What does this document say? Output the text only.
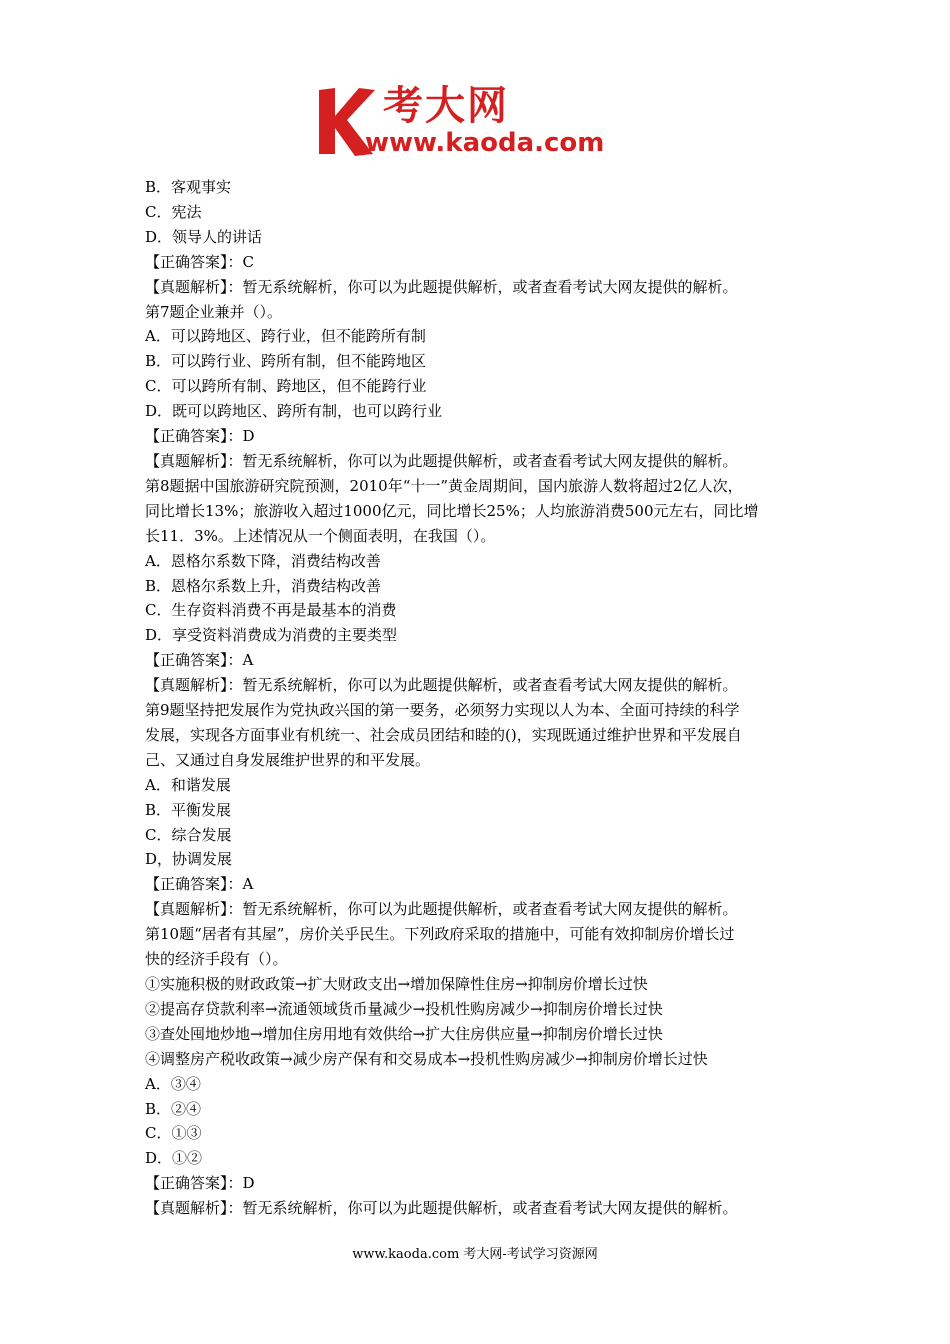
考大网
www.kaoda.com
B．客观事实
C．宪法
D．领导人的讲话
【正确答案】：C
【真题解析】：暂无系统解析，你可以为此题提供解析，或者查看考试大网友提供的解析。
第7题企业兼并（）。
A．可以跨地区、跨行业，但不能跨所有制
B．可以跨行业、跨所有制，但不能跨地区
C．可以跨所有制、跨地区，但不能跨行业
D．既可以跨地区、跨所有制，也可以跨行业
【正确答案】：D
【真题解析】：暂无系统解析，你可以为此题提供解析，或者查看考试大网友提供的解析。
第8题据中国旅游研究院预测，2010年“十一”黄金周期间，国内旅游人数将超过2亿人次，
同比增长13%；旅游收入超过1000亿元，同比增长25%；人均旅游消费500元左右，同比增
长11．3%。上述情况从一个侧面表明，在我国（）。
A．恩格尔系数下降，消费结构改善
B．恩格尔系数上升，消费结构改善
C．生存资料消费不再是最基本的消费
D．享受资料消费成为消费的主要类型
【正确答案】：A
【真题解析】：暂无系统解析，你可以为此题提供解析，或者查看考试大网友提供的解析。
第9题坚持把发展作为党执政兴国的第一要务，必须努力实现以人为本、全面可持续的科学
发展，实现各方面事业有机统一、社会成员团结和睦的()，实现既通过维护世界和平发展自
己、又通过自身发展维护世界的和平发展。
A．和谐发展
B．平衡发展
C．综合发展
D，协调发展
【正确答案】：A
【真题解析】：暂无系统解析，你可以为此题提供解析，或者查看考试大网友提供的解析。
第10题“居者有其屋”，房价关乎民生。下列政府采取的措施中，可能有效抑制房价增长过
快的经济手段有（）。
①实施积极的财政政策→扩大财政支出→增加保障性住房→抑制房价增长过快
②提高存贷款利率→流通领域货币量减少→投机性购房减少→抑制房价增长过快
③查处囤地炒地→增加住房用地有效供给→扩大住房供应量→抑制房价增长过快
④调整房产税收政策→减少房产保有和交易成本→投机性购房减少→抑制房价增长过快
A．③④
B．②④
C．①③
D．①②
【正确答案】：D
【真题解析】：暂无系统解析，你可以为此题提供解析，或者查看考试大网友提供的解析。
www.kaoda.com 考大网-考试学习资源网
